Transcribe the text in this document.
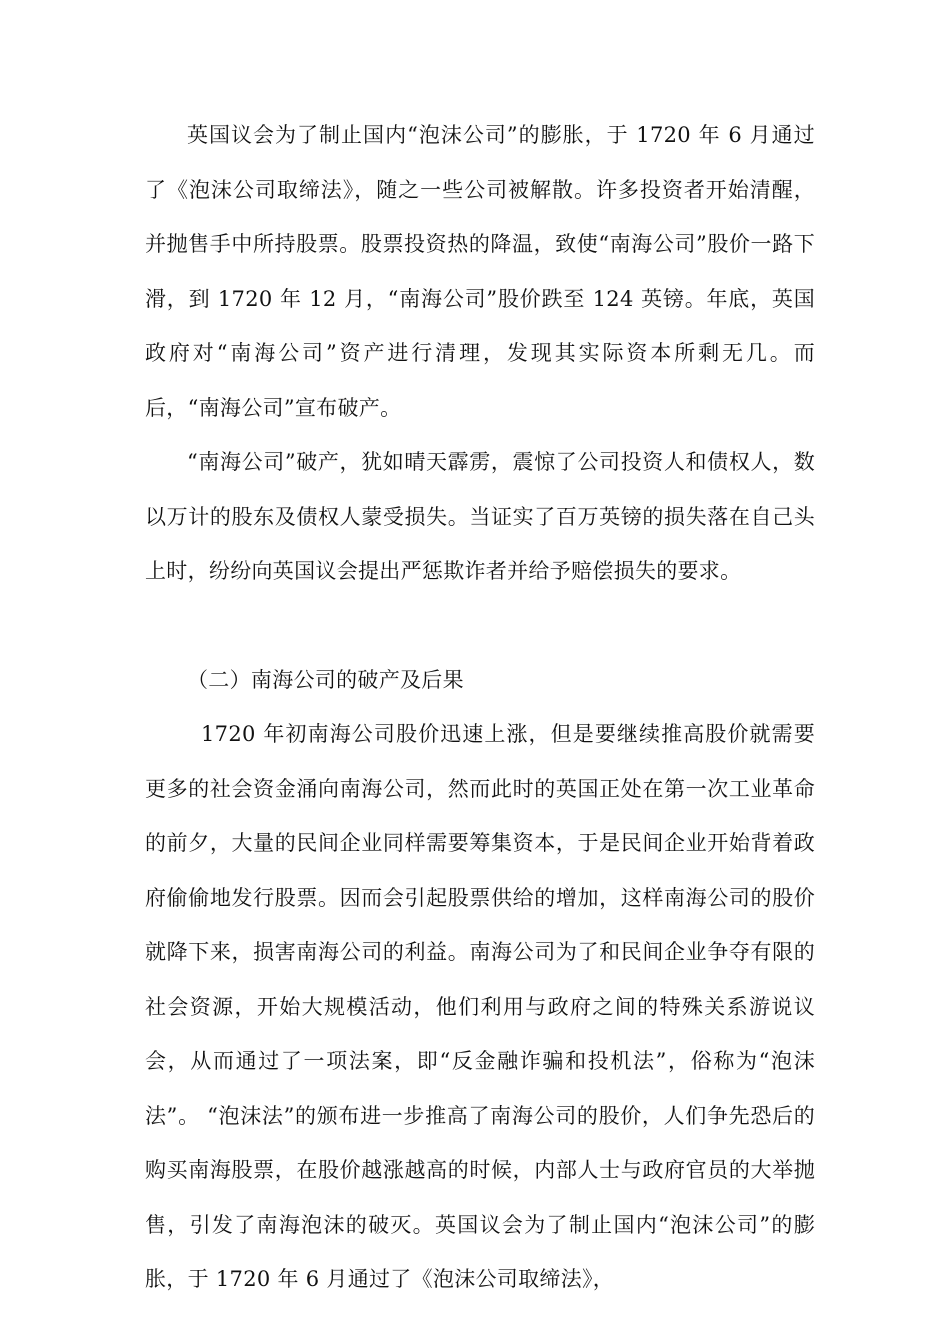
英国议会为了制止国内“泡沫公司”的膨胀，于 1720 年 6 月通过了《泡沫公司取缔法》，随之一些公司被解散。许多投资者开始清醒，并抛售手中所持股票。股票投资热的降温，致使“南海公司”股价一路下滑，到 1720 年 12 月，“南海公司”股价跌至 124 英镑。年底，英国政府对“南海公司”资产进行清理，发现其实际资本所剩无几。而后，“南海公司”宣布破产。

“南海公司”破产，犹如晴天霹雳，震惊了公司投资人和债权人，数以万计的股东及债权人蒙受损失。当证实了百万英镑的损失落在自己头上时，纷纷向英国议会提出严惩欺诈者并给予赔偿损失的要求。

（二）南海公司的破产及后果

1720 年初南海公司股价迅速上涨，但是要继续推高股价就需要更多的社会资金涌向南海公司，然而此时的英国正处在第一次工业革命的前夕，大量的民间企业同样需要筹集资本，于是民间企业开始背着政府偷偷地发行股票。因而会引起股票供给的增加，这样南海公司的股价就降下来，损害南海公司的利益。南海公司为了和民间企业争夺有限的社会资源，开始大规模活动，他们利用与政府之间的特殊关系游说议会，从而通过了一项法案，即“反金融诈骗和投机法”，俗称为“泡沫法”。 “泡沫法”的颁布进一步推高了南海公司的股价，人们争先恐后的购买南海股票，在股价越涨越高的时候，内部人士与政府官员的大举抛售，引发了南海泡沫的破灭。英国议会为了制止国内“泡沫公司”的膨胀，于 1720 年 6 月通过了《泡沫公司取缔法》，
